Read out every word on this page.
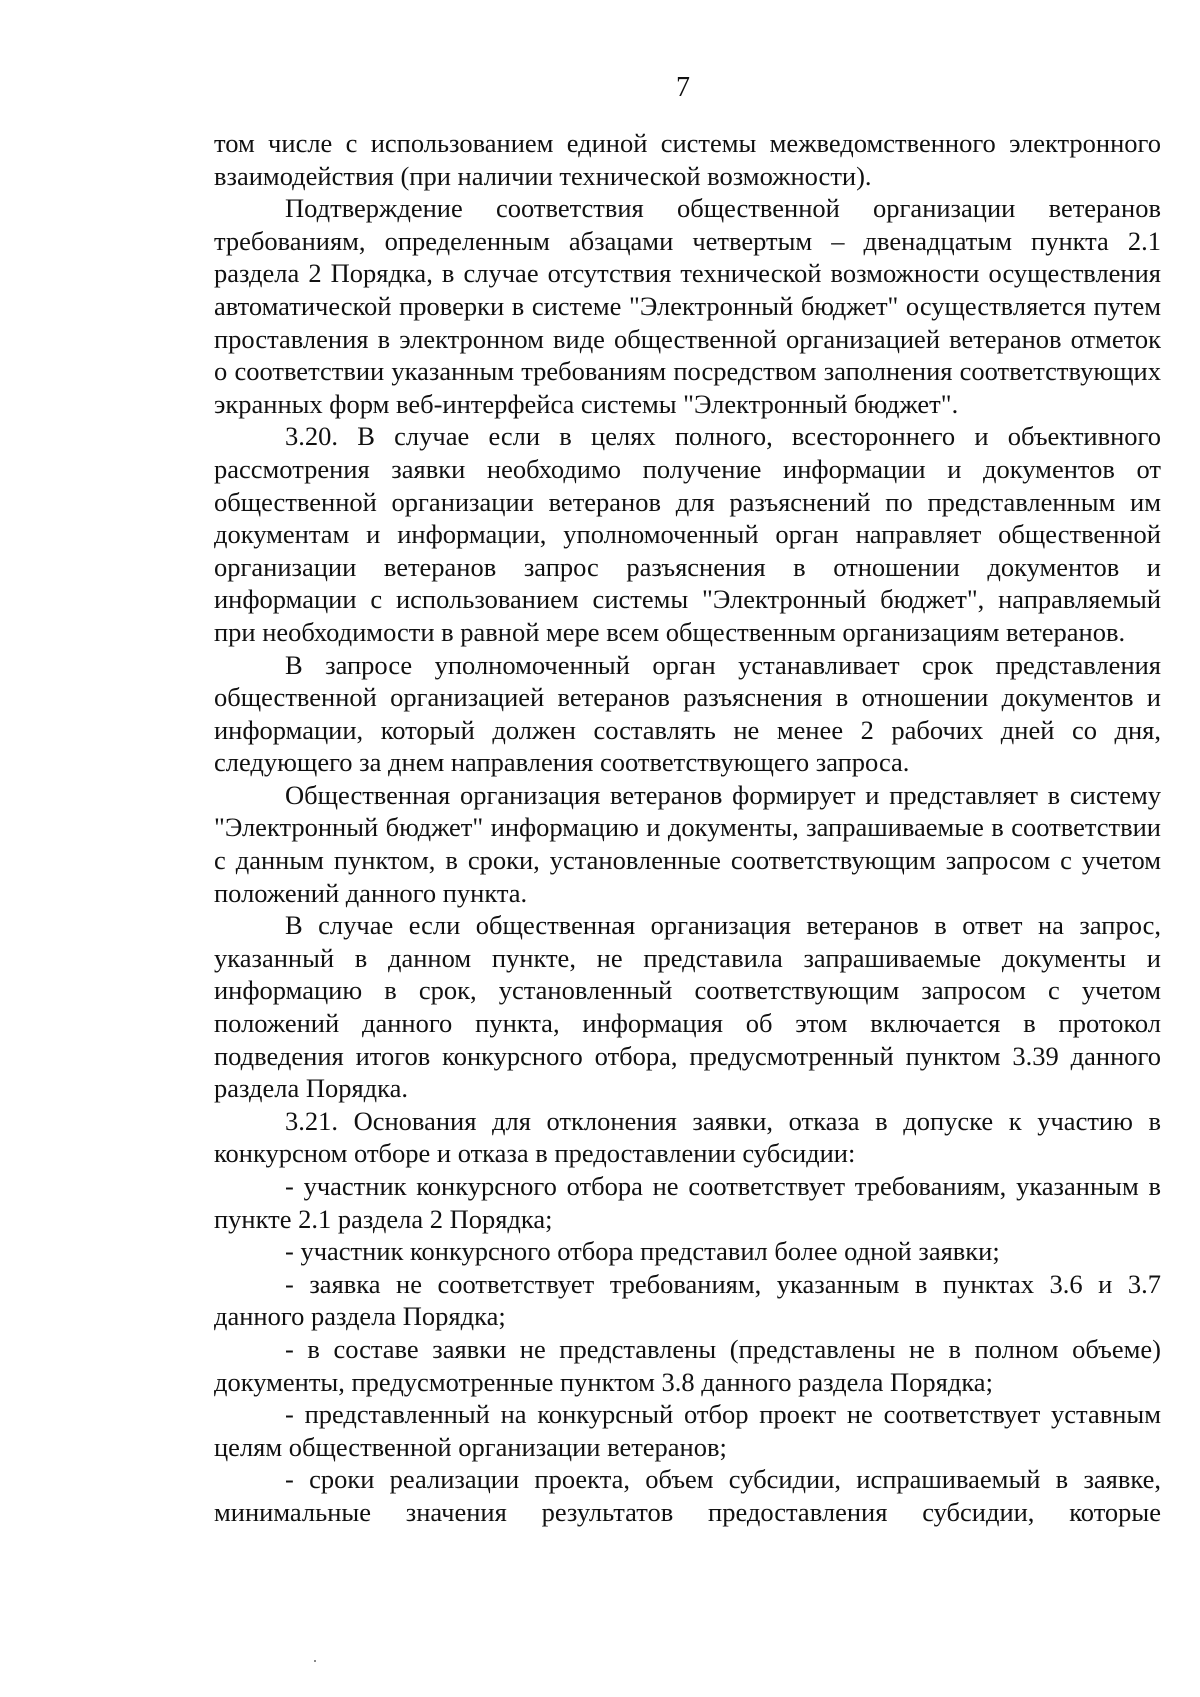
7

том числе с использованием единой системы межведомственного электронного взаимодействия (при наличии технической возможности).

Подтверждение соответствия общественной организации ветеранов требованиям, определенным абзацами четвертым – двенадцатым пункта 2.1 раздела 2 Порядка, в случае отсутствия технической возможности осуществления автоматической проверки в системе "Электронный бюджет" осуществляется путем проставления в электронном виде общественной организацией ветеранов отметок о соответствии указанным требованиям посредством заполнения соответствующих экранных форм веб-интерфейса системы "Электронный бюджет".

3.20. В случае если в целях полного, всестороннего и объективного рассмотрения заявки необходимо получение информации и документов от общественной организации ветеранов для разъяснений по представленным им документам и информации, уполномоченный орган направляет общественной организации ветеранов запрос разъяснения в отношении документов и информации с использованием системы "Электронный бюджет", направляемый при необходимости в равной мере всем общественным организациям ветеранов.

В запросе уполномоченный орган устанавливает срок представления общественной организацией ветеранов разъяснения в отношении документов и информации, который должен составлять не менее 2 рабочих дней со дня, следующего за днем направления соответствующего запроса.

Общественная организация ветеранов формирует и представляет в систему "Электронный бюджет" информацию и документы, запрашиваемые в соответствии с данным пунктом, в сроки, установленные соответствующим запросом с учетом положений данного пункта.

В случае если общественная организация ветеранов в ответ на запрос, указанный в данном пункте, не представила запрашиваемые документы и информацию в срок, установленный соответствующим запросом с учетом положений данного пункта, информация об этом включается в протокол подведения итогов конкурсного отбора, предусмотренный пунктом 3.39 данного раздела Порядка.

3.21. Основания для отклонения заявки, отказа в допуске к участию в конкурсном отборе и отказа в предоставлении субсидии:

- участник конкурсного отбора не соответствует требованиям, указанным в пункте 2.1 раздела 2 Порядка;

- участник конкурсного отбора представил более одной заявки;

- заявка не соответствует требованиям, указанным в пунктах 3.6 и 3.7 данного раздела Порядка;

- в составе заявки не представлены (представлены не в полном объеме) документы, предусмотренные пунктом 3.8 данного раздела Порядка;

- представленный на конкурсный отбор проект не соответствует уставным целям общественной организации ветеранов;

- сроки реализации проекта, объем субсидии, испрашиваемый в заявке, минимальные значения результатов предоставления субсидии, которые
